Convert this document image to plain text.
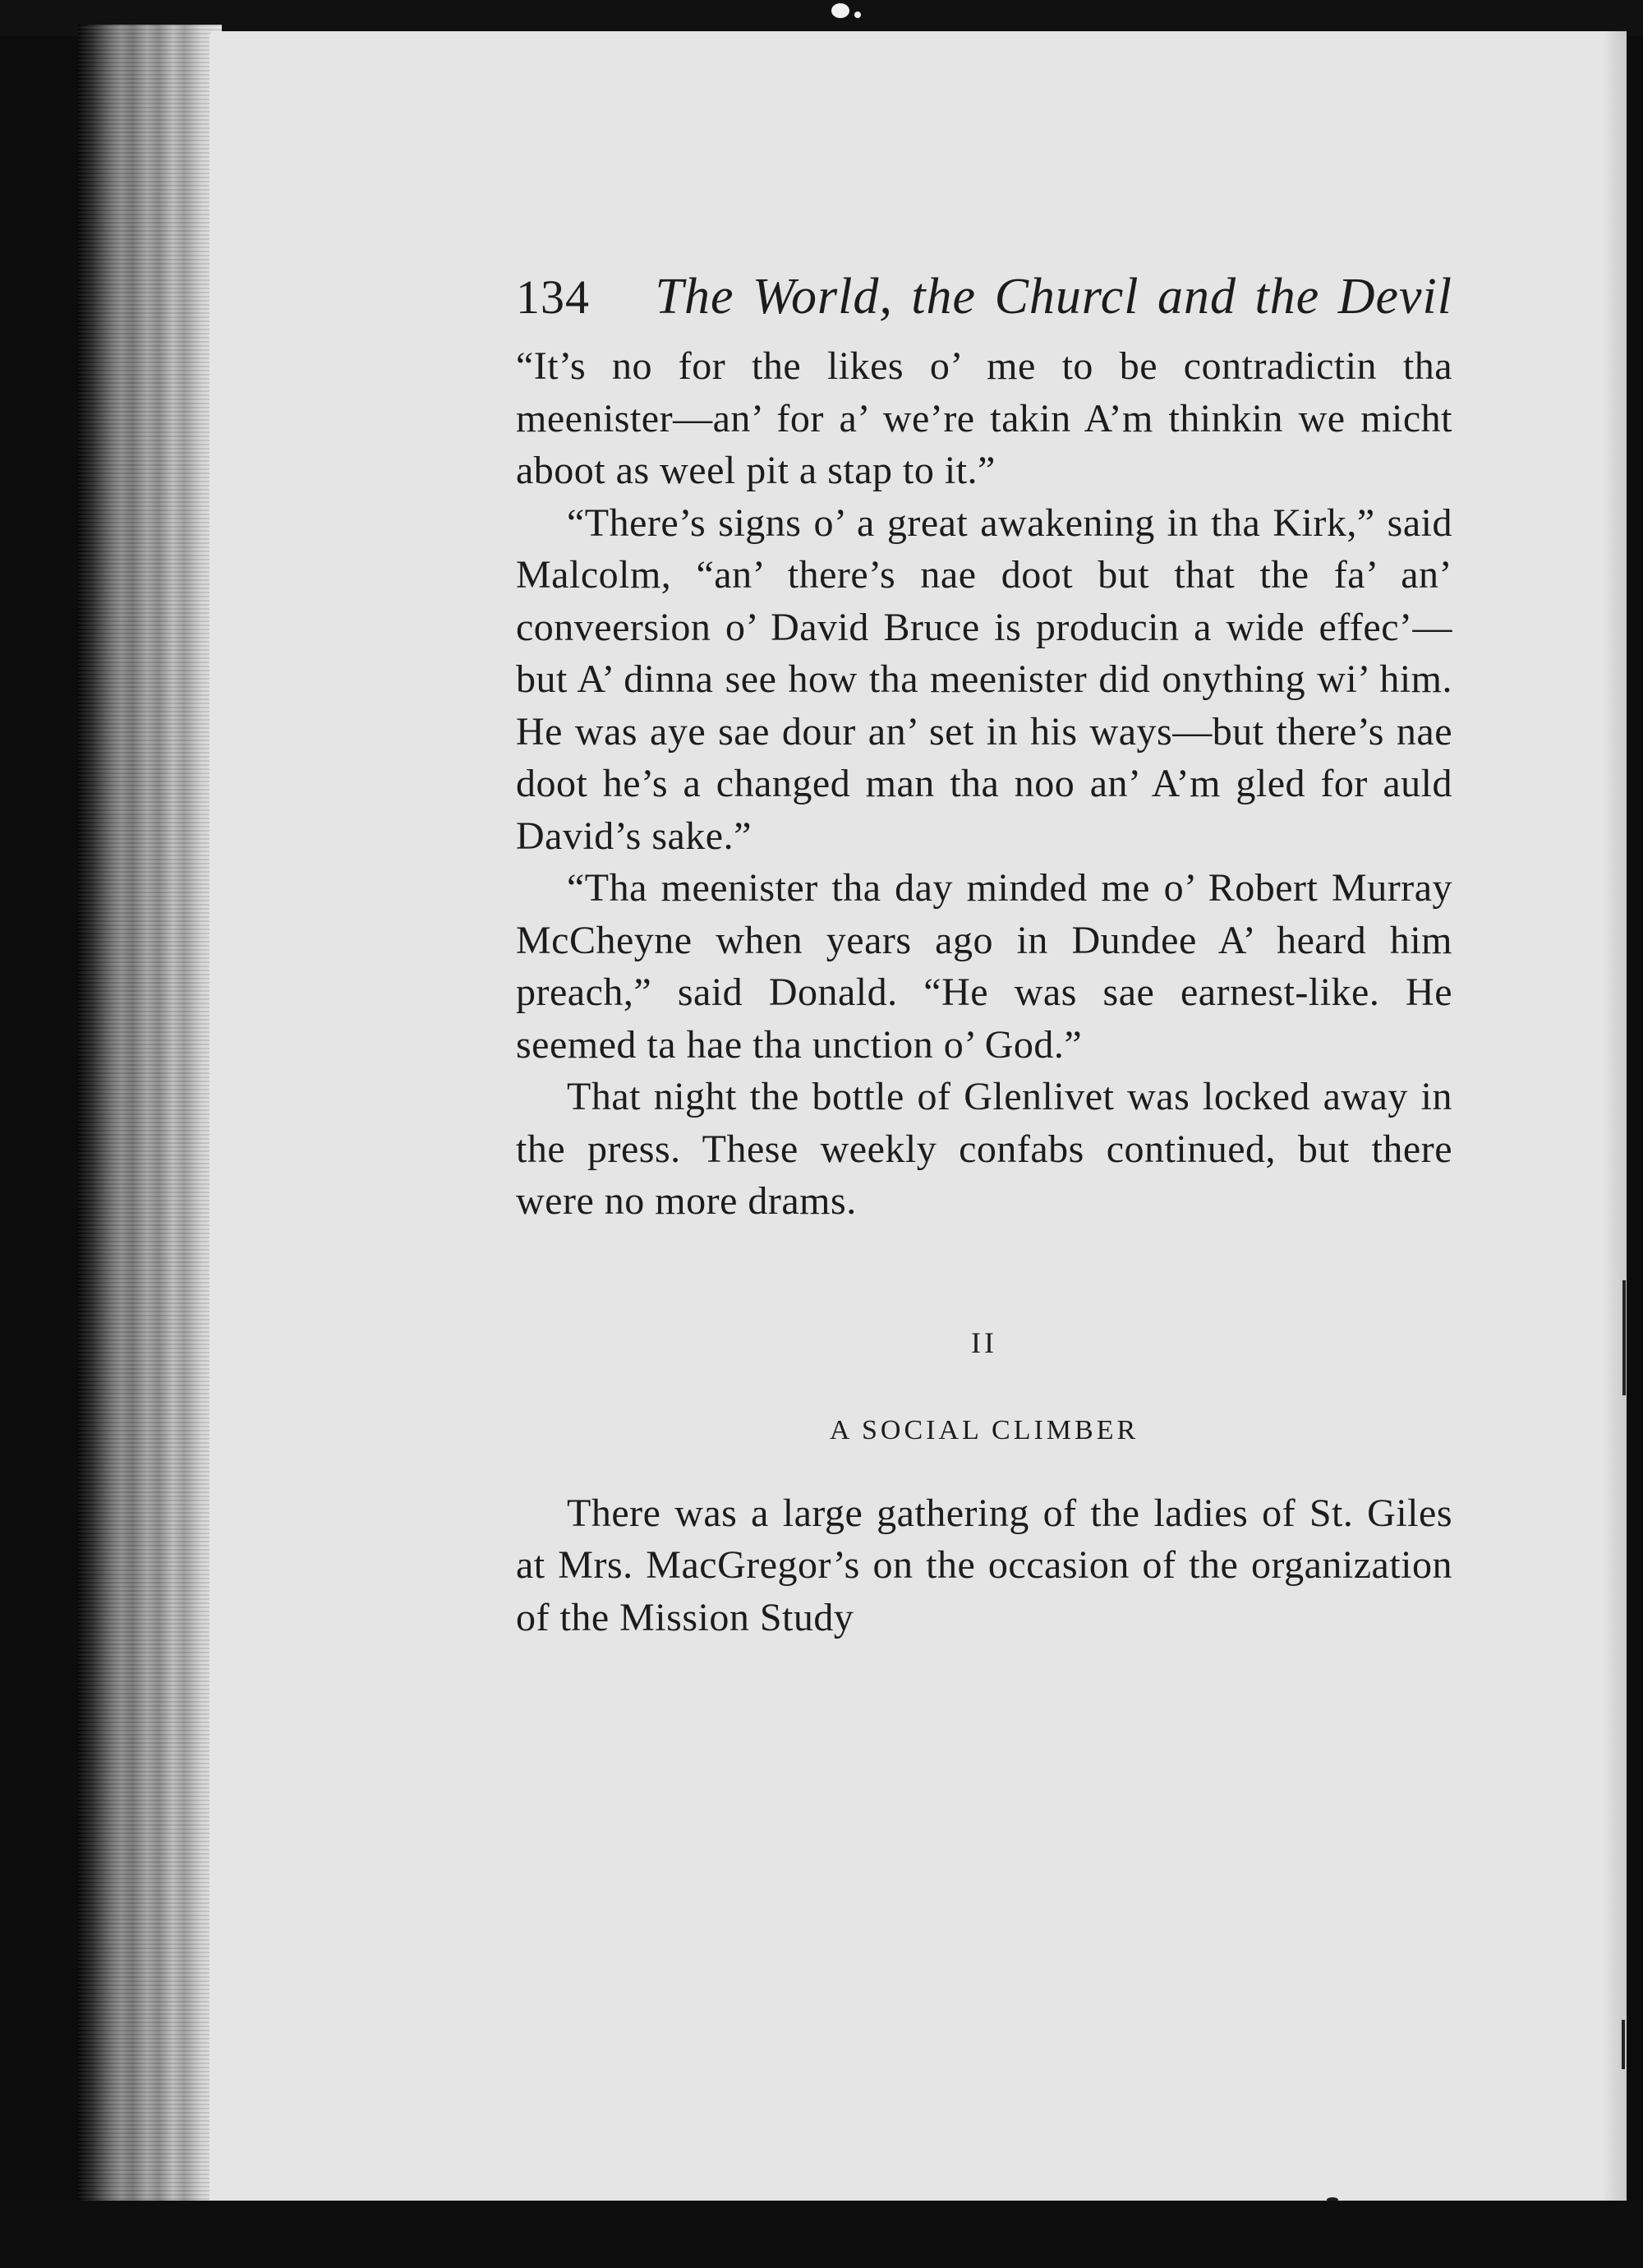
134 The World, the Churcl and the Devil

“It’s no for the likes o’ me to be contradictin tha meenister—an’ for a’ we’re takin A’m thinkin we micht aboot as weel pit a stap to it.”

“There’s signs o’ a great awakening in tha Kirk,” said Malcolm, “an’ there’s nae doot but that the fa’ an’ conveersion o’ David Bruce is producin a wide effec’—but A’ dinna see how tha meenister did onything wi’ him. He was aye sae dour an’ set in his ways—but there’s nae doot he’s a changed man tha noo an’ A’m gled for auld David’s sake.”

“Tha meenister tha day minded me o’ Robert Murray McCheyne when years ago in Dundee A’ heard him preach,” said Donald. “He was sae earnest-like. He seemed ta hae tha unction o’ God.”

That night the bottle of Glenlivet was locked away in the press. These weekly confabs continued, but there were no more drams.

II
A SOCIAL CLIMBER

There was a large gathering of the ladies of St. Giles at Mrs. MacGregor’s on the occasion of the organization of the Mission Study
